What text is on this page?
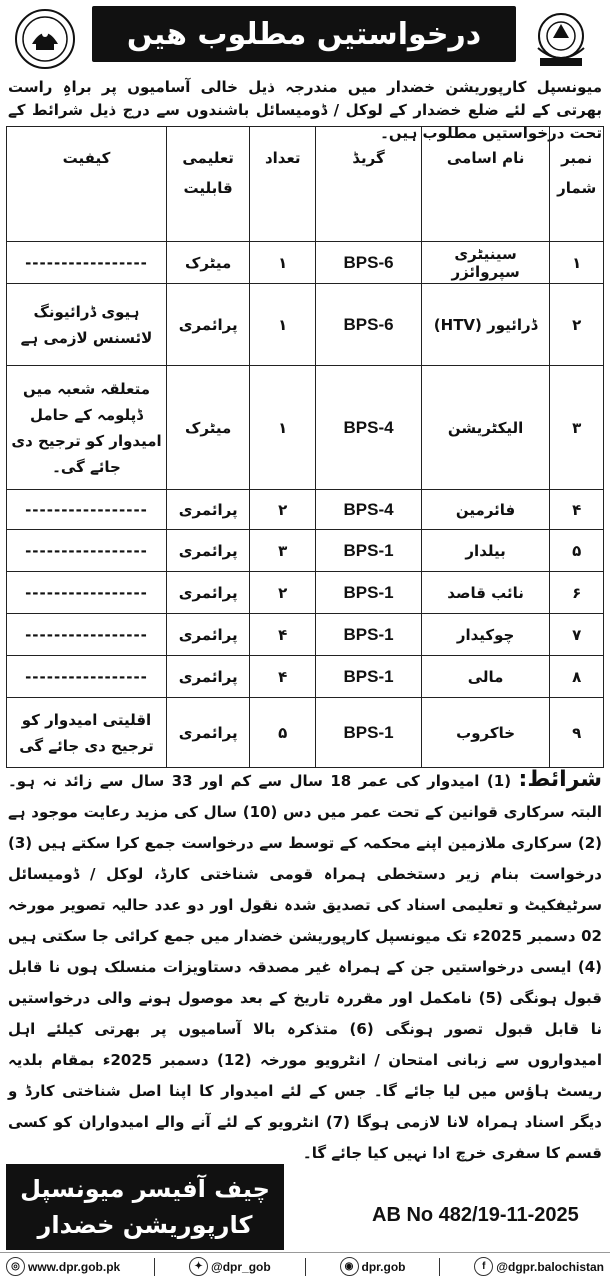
درخواستیں مطلوب ھیں
میونسپل کارپوریشن خضدار میں مندرجہ ذیل خالی آسامیوں پر براہِ راست بھرتی کے لئے ضلع خضدار کے لوکل / ڈومیسائل باشندوں سے درج ذیل شرائط کے تحت درخواستیں مطلوب ہیں۔
نمبر شمار	نام اسامی	گریڈ	تعداد	تعلیمی قابلیت	کیفیت
۱	سینیٹری سپروائزر	BPS-6	۱	میٹرک	-----------------
۲	ڈرائیور (HTV)	BPS-6	۱	پرائمری	ہیوی ڈرائیونگ لائسنس لازمی ہے
۳	الیکٹریشن	BPS-4	۱	میٹرک	متعلقہ شعبہ میں ڈپلومہ کے حامل امیدوار کو ترجیح دی جائے گی۔
۴	فائرمین	BPS-4	۲	پرائمری	-----------------
۵	بیلدار	BPS-1	۳	پرائمری	-----------------
۶	نائب قاصد	BPS-1	۲	پرائمری	-----------------
۷	چوکیدار	BPS-1	۴	پرائمری	-----------------
۸	مالی	BPS-1	۴	پرائمری	-----------------
۹	خاکروب	BPS-1	۵	پرائمری	اقلیتی امیدوار کو ترجیح دی جائے گی
شرائط: (1) امیدوار کی عمر 18 سال سے کم اور 33 سال سے زائد نہ ہو۔ البتہ سرکاری قوانین کے تحت عمر میں دس (10) سال کی مزید رعایت موجود ہے (2) سرکاری ملازمین اپنے محکمہ کے توسط سے درخواست جمع کرا سکتے ہیں (3) درخواست بنام زیر دستخطی ہمراہ قومی شناختی کارڈ، لوکل / ڈومیسائل سرٹیفکیٹ و تعلیمی اسناد کی تصدیق شدہ نقول اور دو عدد حالیہ تصویر مورخہ 02 دسمبر 2025ء تک میونسپل کارپوریشن خضدار میں جمع کرائی جا سکتی ہیں (4) ایسی درخواستیں جن کے ہمراہ غیر مصدقہ دستاویزات منسلک ہوں نا قابل قبول ہونگی (5) نامکمل اور مقررہ تاریخ کے بعد موصول ہونے والی درخواستیں نا قابل قبول تصور ہونگی (6) متذکرہ بالا آسامیوں پر بھرتی کیلئے اہل امیدواروں سے زبانی امتحان / انٹرویو مورخہ (12) دسمبر 2025ء بمقام بلدیہ ریسٹ ہاؤس میں لیا جائے گا۔ جس کے لئے امیدوار کا اپنا اصل شناختی کارڈ و دیگر اسناد ہمراہ لانا لازمی ہوگا (7) انٹرویو کے لئے آنے والے امیدواران کو کسی قسم کا سفری خرچ ادا نہیں کیا جائے گا۔
چیف آفیسر میونسپل
کارپوریشن خضدار	AB No 482/19-11-2025
◎ www.dpr.gob.pk	✦ @dpr_gob	◉ dpr.gob	f @dgpr.balochistan
